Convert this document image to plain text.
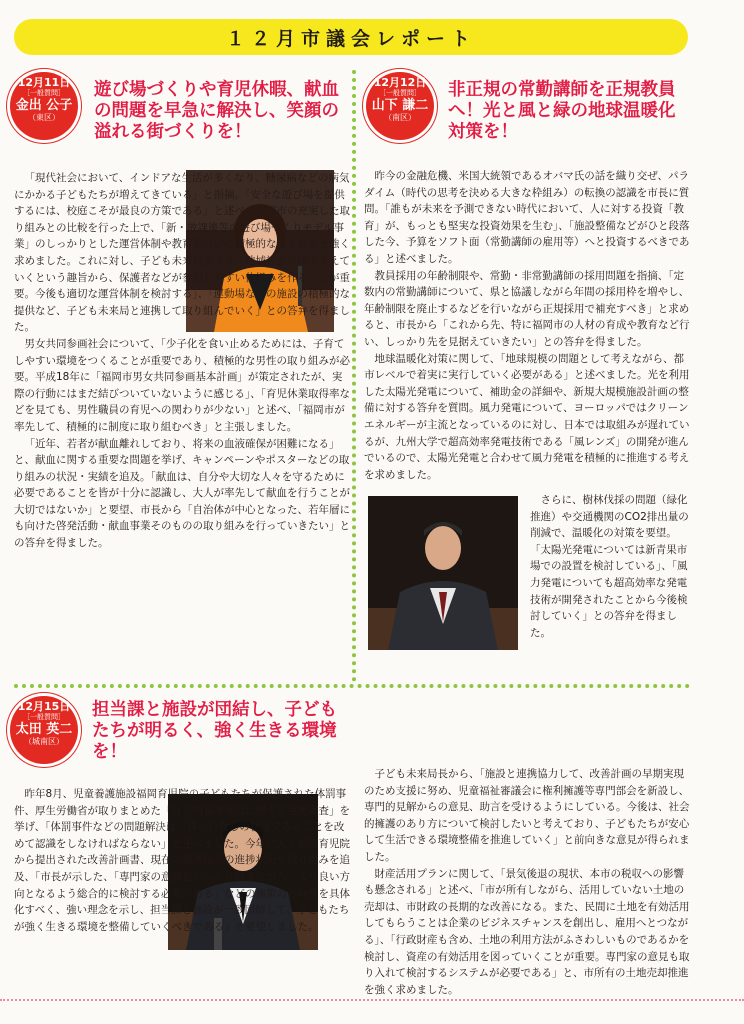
１２月市議会レポート
12月11日
［一般質問］
金出 公子
（東区）
遊び場づくりや育児休暇、献血の問題を早急に解決し、笑顔の溢れる街づくりを！

「現代社会において、インドアな生活が多くなり、糖尿病などの病気にかかる子どもたちが増えてきている」と指摘。「安全な遊び場を提供するには、校庭こそが最良の方策である」と述べ、他都市の充実した取り組みとの比較を行った上で、「新・放課後等の遊び場づくりモデル事業」のしっかりとした運営体制や教育委員会の積極的な取り組みを強く求めました。これに対し、子ども未来局長より「地域社会全体で支えていくという趣旨から、保護者などが参加しやすい仕組みを作ることが重要。今後も適切な運営体制を検討する」、「運動場などの施設の積極的な提供など、子ども未来局と連携して取り組んでいく」との答弁を得ました。

男女共同参画社会について、「少子化を食い止めるためには、子育てしやすい環境をつくることが重要であり、積極的な男性の取り組みが必要。平成18年に「福岡市男女共同参画基本計画」が策定されたが、実際の行動にはまだ結びついていないように感じる」、「育児休業取得率などを見ても、男性職員の育児への関わりが少ない」と述べ、「福岡市が率先して、積極的に制度に取り組むべき」と主張しました。

「近年、若者が献血離れしており、将来の血液確保が困難になる」と、献血に関する重要な問題を挙げ、キャンペーンやポスターなどの取り組みの状況・実績を追及。「献血は、自分や大切な人々を守るために必要であることを皆が十分に認識し、大人が率先して献血を行うことが大切ではないか」と要望、市長から「自治体が中心となった、若年層にも向けた啓発活動・献血事業そのものの取り組みを行っていきたい」との答弁を得ました。

12月12日
［一般質問］
山下 謙二
（南区）
非正規の常勤講師を正規教員へ！光と風と緑の地球温暖化対策を！

昨今の金融危機、米国大統領であるオバマ氏の話を織り交ぜ、パラダイム（時代の思考を決める大きな枠組み）の転換の認識を市長に質問。「誰もが未来を予測できない時代において、人に対する投資「教育」が、もっとも堅実な投資効果を生む」、「施設整備などがひと段落した今、予算をソフト面（常勤講師の雇用等）へと投資するべきである」と述べました。

教員採用の年齢制限や、常勤・非常勤講師の採用問題を指摘、「定数内の常勤講師について、県と協議しながら年間の採用枠を増やし、年齢制限を廃止するなどを行いながら正規採用で補充すべき」と求めると、市長から「これから先、特に福岡市の人材の育成や教育など行い、しっかり先を見据えていきたい」との答弁を得ました。

地球温暖化対策に関して、「地球規模の問題として考えながら、都市レベルで着実に実行していく必要がある」と述べました。光を利用した太陽光発電について、補助金の詳細や、新規大規模施設計画の整備に対する答弁を質問。風力発電について、ヨーロッパではクリーンエネルギーが主流となっているのに対し、日本では取組みが遅れているが、九州大学で超高効率発電技術である「風レンズ」の開発が進んでいるので、太陽光発電と合わせて風力発電を積極的に推進する考えを求めました。

さらに、樹林伐採の問題（緑化推進）や交通機関のCO2排出量の削減で、温暖化の対策を要望。「太陽光発電については新青果市場での設置を検討している」、「風力発電についても超高効率な発電技術が開発されたことから今後検討していく」との答弁を得ました。

12月15日
［一般質問］
太田 英二
（城南区）
担当課と施設が団結し、子どもたちが明るく、強く生きる環境を！

昨年8月、児童養護施設福岡育児院の子どもたちが保護された体罰事件、厚生労働省が取りまとめた「社会的養護施設に関する実態調査」を挙げ、「体罰事件などの問題解決は、待ったなしの状況であることを改めて認識をしなければならない」と述べました。今年に入り福岡育児院から提出された改善計画書、現在の養護施設の進捗状況や取り組みを追及、「市長が示した、「専門家の意識をしっかり聞きながら、より良い方向となるよう総合的に検討する必要がある」などの施策の方向性を具体化すべく、強い理念を示し、担当課と施設が一致団結して、子どもたちが強く生きる環境を整備していくべきである」と要望しました。

子ども未来局長から、「施設と連携協力して、改善計画の早期実現のため支援に努め、児童福祉審議会に権利擁護等専門部会を新設し、専門的見解からの意見、助言を受けるようにしている。今後は、社会的擁護のあり方について検討したいと考えており、子どもたちが安心して生活できる環境整備を推進していく」と前向きな意見が得られました。

財産活用プランに関して、「景気後退の現状、本市の税収への影響も懸念される」と述べ、「市が所有しながら、活用していない土地の売却は、市財政の長期的な改善になる。また、民間に土地を有効活用してもらうことは企業のビジネスチャンスを創出し、雇用へとつながる」、「行政財産も含め、土地の利用方法がふさわしいものであるかを検討し、資産の有効活用を図っていくことが重要。専門家の意見も取り入れて検討するシステムが必要である」と、市所有の土地売却推進を強く求めました。
